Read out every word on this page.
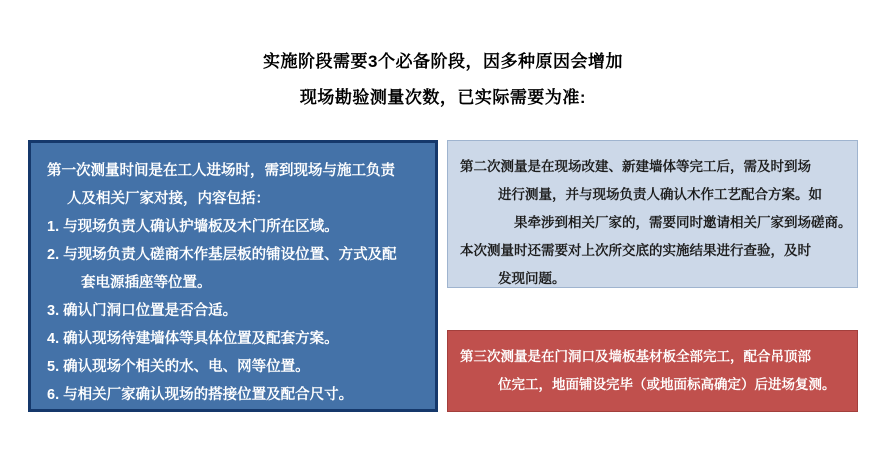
实施阶段需要3个必备阶段，因多种原因会增加
现场勘验测量次数，已实际需要为准:
第一次测量时间是在工人进场时，需到现场与施工负责
人及相关厂家对接，内容包括：
1. 与现场负责人确认护墙板及木门所在区域。
2. 与现场负责人磋商木作基层板的铺设位置、方式及配
套电源插座等位置。
3. 确认门洞口位置是否合适。
4. 确认现场待建墙体等具体位置及配套方案。
5. 确认现场个相关的水、电、网等位置。
6. 与相关厂家确认现场的搭接位置及配合尺寸。
第二次测量是在现场改建、新建墙体等完工后，需及时到场
进行测量，并与现场负责人确认木作工艺配合方案。如
果牵涉到相关厂家的，需要同时邀请相关厂家到场磋商。
本次测量时还需要对上次所交底的实施结果进行查验，及时
发现问题。
第三次测量是在门洞口及墙板基材板全部完工，配合吊顶部
位完工，地面铺设完毕（或地面标高确定）后进场复测。
